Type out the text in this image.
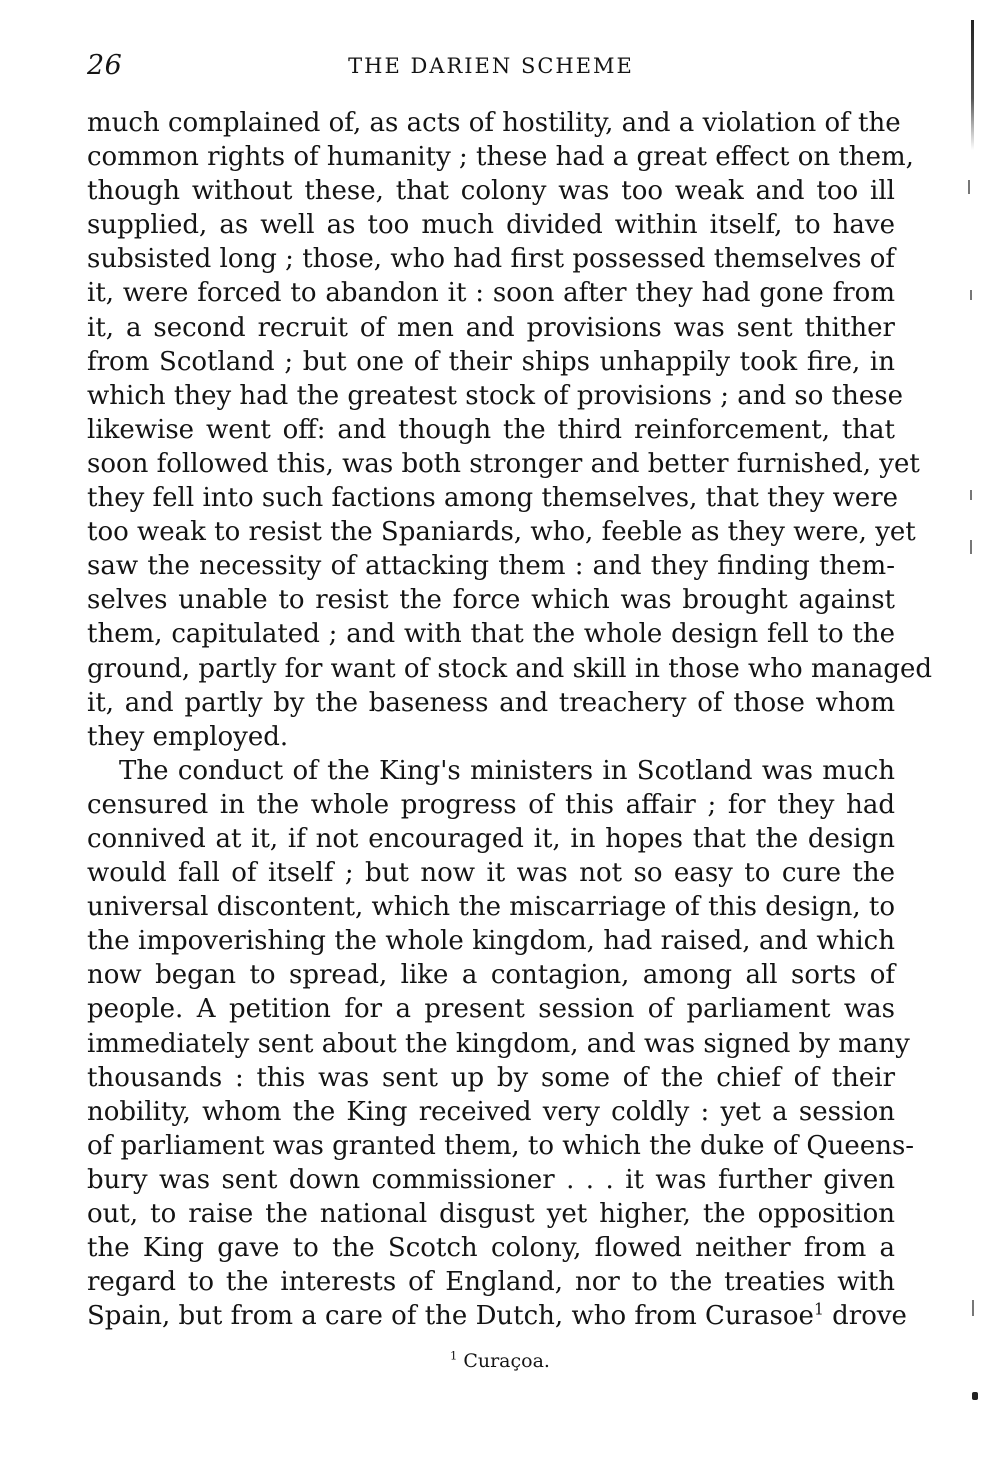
26	THE DARIEN SCHEME
much complained of, as acts of hostility, and a violation of the
common rights of humanity ; these had a great effect on them,
though without these, that colony was too weak and too ill
supplied, as well as too much divided within itself, to have
subsisted long ; those, who had first possessed themselves of
it, were forced to abandon it : soon after they had gone from
it, a second recruit of men and provisions was sent thither
from Scotland ; but one of their ships unhappily took fire, in
which they had the greatest stock of provisions ; and so these
likewise went off: and though the third reinforcement, that
soon followed this, was both stronger and better furnished, yet
they fell into such factions among themselves, that they were
too weak to resist the Spaniards, who, feeble as they were, yet
saw the necessity of attacking them : and they finding them-
selves unable to resist the force which was brought against
them, capitulated ; and with that the whole design fell to the
ground, partly for want of stock and skill in those who managed
it, and partly by the baseness and treachery of those whom
they employed.
The conduct of the King's ministers in Scotland was much
censured in the whole progress of this affair ; for they had
connived at it, if not encouraged it, in hopes that the design
would fall of itself ; but now it was not so easy to cure the
universal discontent, which the miscarriage of this design, to
the impoverishing the whole kingdom, had raised, and which
now began to spread, like a contagion, among all sorts of
people. A petition for a present session of parliament was
immediately sent about the kingdom, and was signed by many
thousands : this was sent up by some of the chief of their
nobility, whom the King received very coldly : yet a session
of parliament was granted them, to which the duke of Queens-
bury was sent down commissioner . . . it was further given
out, to raise the national disgust yet higher, the opposition
the King gave to the Scotch colony, flowed neither from a
regard to the interests of England, nor to the treaties with
Spain, but from a care of the Dutch, who from Curasoe$^1$ drove
$^1$ Curaçoa.
